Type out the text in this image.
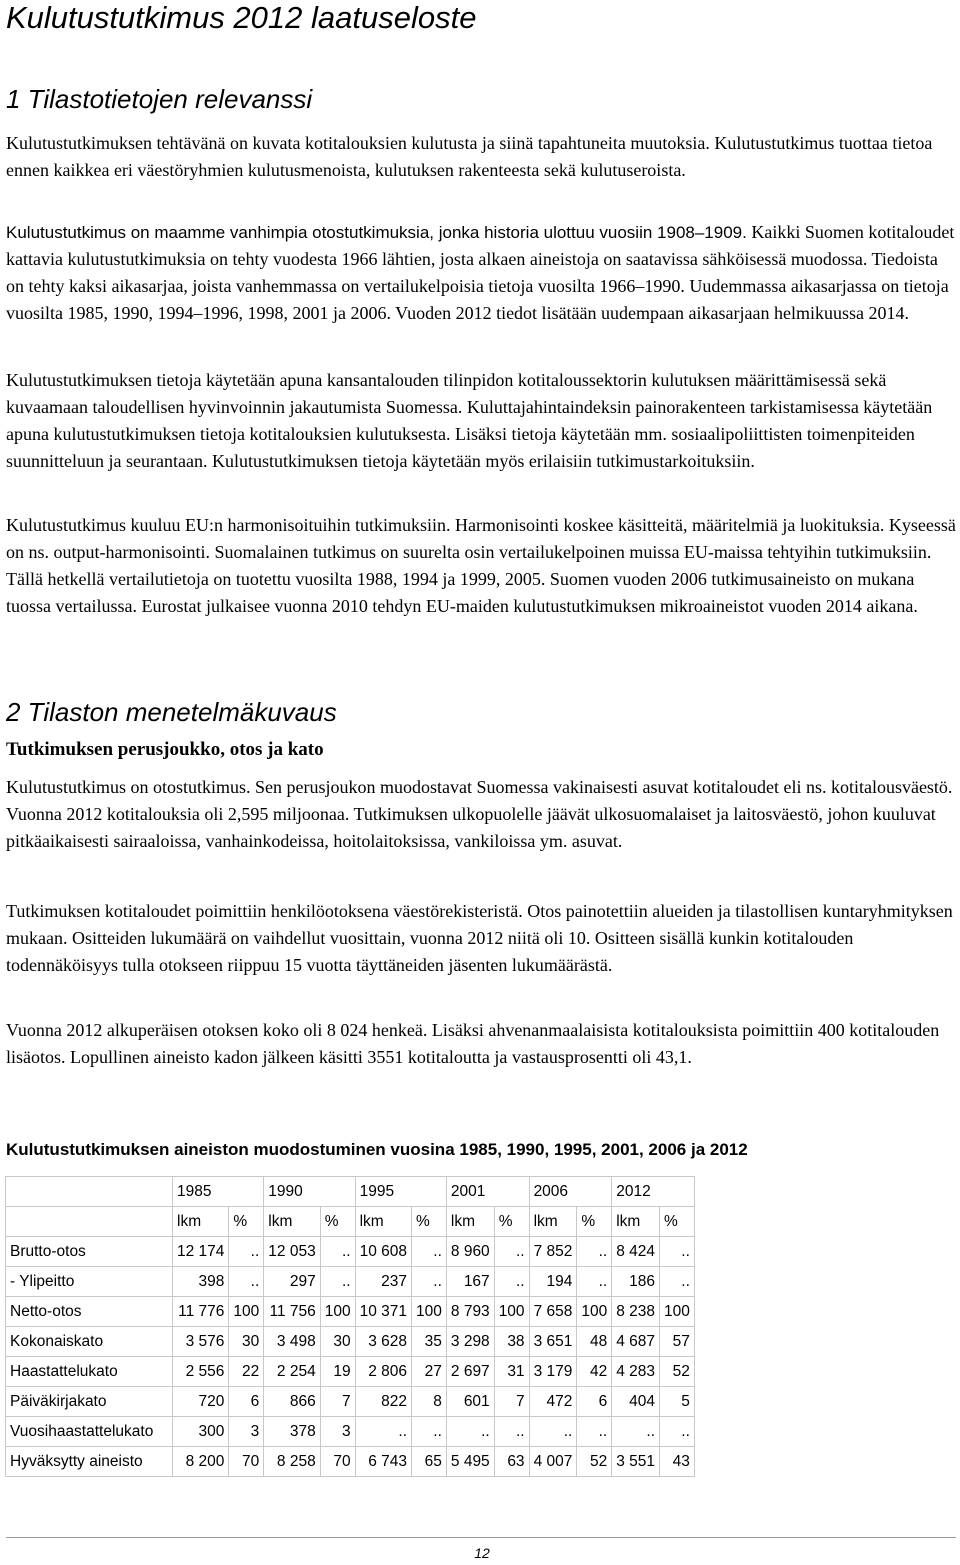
Kulutustutkimus 2012 laatuseloste
1 Tilastotietojen relevanssi

Kulutustutkimuksen tehtävänä on kuvata kotitalouksien kulutusta ja siinä tapahtuneita muutoksia. Kulutustutkimus tuottaa tietoa ennen kaikkea eri väestöryhmien kulutusmenoista, kulutuksen rakenteesta sekä kulutuseroista.

Kulutustutkimus on maamme vanhimpia otostutkimuksia, jonka historia ulottuu vuosiin 1908–1909. Kaikki Suomen kotitaloudet kattavia kulutustutkimuksia on tehty vuodesta 1966 lähtien, josta alkaen aineistoja on saatavissa sähköisessä muodossa. Tiedoista on tehty kaksi aikasarjaa, joista vanhemmassa on vertailukelpoisia tietoja vuosilta 1966–1990. Uudemmassa aikasarjassa on tietoja vuosilta 1985, 1990, 1994–1996, 1998, 2001 ja 2006. Vuoden 2012 tiedot lisätään uudempaan aikasarjaan helmikuussa 2014.

Kulutustutkimuksen tietoja käytetään apuna kansantalouden tilinpidon kotitaloussektorin kulutuksen määrittämisessä sekä kuvaamaan taloudellisen hyvinvoinnin jakautumista Suomessa. Kuluttajahintaindeksin painorakenteen tarkistamisessa käytetään apuna kulutustutkimuksen tietoja kotitalouksien kulutuksesta. Lisäksi tietoja käytetään mm. sosiaalipoliittisten toimenpiteiden suunnitteluun ja seurantaan. Kulutustutkimuksen tietoja käytetään myös erilaisiin tutkimustarkoituksiin.

Kulutustutkimus kuuluu EU:n harmonisoituihin tutkimuksiin. Harmonisointi koskee käsitteitä, määritelmiä ja luokituksia. Kyseessä on ns. output-harmonisointi. Suomalainen tutkimus on suurelta osin vertailukelpoinen muissa EU-maissa tehtyihin tutkimuksiin. Tällä hetkellä vertailutietoja on tuotettu vuosilta 1988, 1994 ja 1999, 2005. Suomen vuoden 2006 tutkimusaineisto on mukana tuossa vertailussa. Eurostat julkaisee vuonna 2010 tehdyn EU-maiden kulutustutkimuksen mikroaineistot vuoden 2014 aikana.

2 Tilaston menetelmäkuvaus
Tutkimuksen perusjoukko, otos ja kato

Kulutustutkimus on otostutkimus. Sen perusjoukon muodostavat Suomessa vakinaisesti asuvat kotitaloudet eli ns. kotitalousväestö. Vuonna 2012 kotitalouksia oli 2,595 miljoonaa. Tutkimuksen ulkopuolelle jäävät ulkosuomalaiset ja laitosväestö, johon kuuluvat pitkäaikaisesti sairaaloissa, vanhainkodeissa, hoitolaitoksissa, vankiloissa ym. asuvat.

Tutkimuksen kotitaloudet poimittiin henkilöotoksena väestörekisteristä. Otos painotettiin alueiden ja tilastollisen kuntaryhmityksen mukaan. Ositteiden lukumäärä on vaihdellut vuosittain, vuonna 2012 niitä oli 10. Ositteen sisällä kunkin kotitalouden todennäköisyys tulla otokseen riippuu 15 vuotta täyttäneiden jäsenten lukumäärästä.

Vuonna 2012 alkuperäisen otoksen koko oli 8 024 henkeä. Lisäksi ahvenanmaalaisista kotitalouksista poimittiin 400 kotitalouden lisäotos. Lopullinen aineisto kadon jälkeen käsitti 3551 kotitaloutta ja vastausprosentti oli 43,1.

Kulutustutkimuksen aineiston muodostuminen vuosina 1985, 1990, 1995, 2001, 2006 ja 2012

	1985		1990		1995		2001		2006		2012	
	lkm	%	lkm	%	lkm	%	lkm	%	lkm	%	lkm	%
Brutto-otos	12 174	..	12 053	..	10 608	..	8 960	..	7 852	..	8 424	..
- Ylipeitto	398	..	297	..	237	..	167	..	194	..	186	..
Netto-otos	11 776	100	11 756	100	10 371	100	8 793	100	7 658	100	8 238	100
Kokonaiskato	3 576	30	3 498	30	3 628	35	3 298	38	3 651	48	4 687	57
Haastattelukato	2 556	22	2 254	19	2 806	27	2 697	31	3 179	42	4 283	52
Päiväkirjakato	720	6	866	7	822	8	601	7	472	6	404	5
Vuosihaastattelukato	300	3	378	3	..	..	..	..	..	..	..	..
Hyväksytty aineisto	8 200	70	8 258	70	6 743	65	5 495	63	4 007	52	3 551	43
12
